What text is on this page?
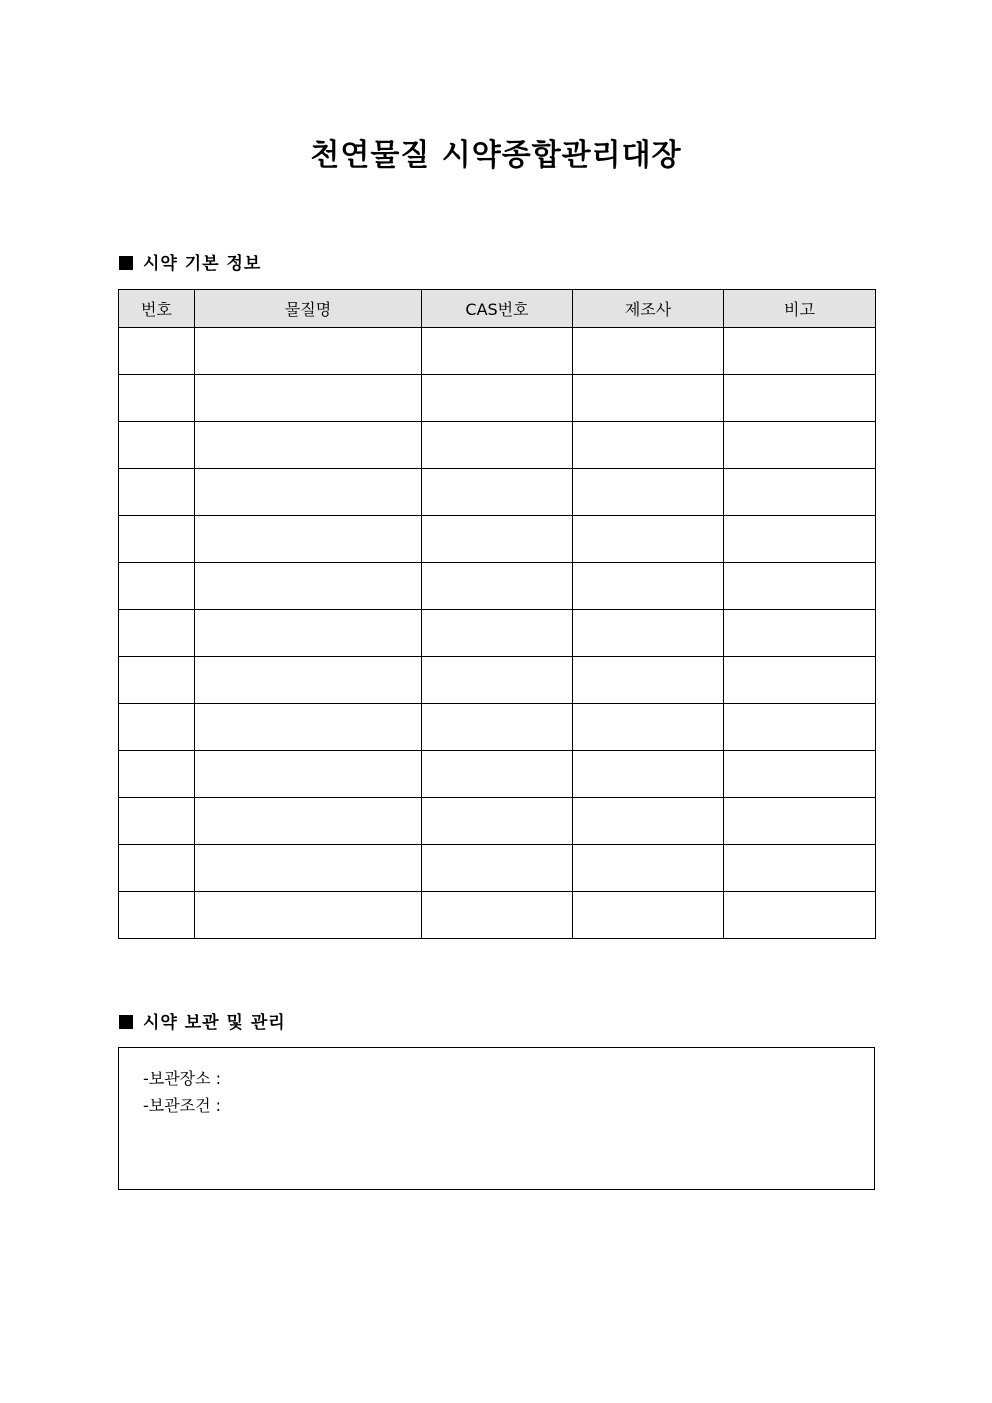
천연물질 시약종합관리대장
시약 기본 정보
번호	물질명	CAS번호	제조사	비고

시약 보관 및 관리
-보관장소 :
-보관조건 :
